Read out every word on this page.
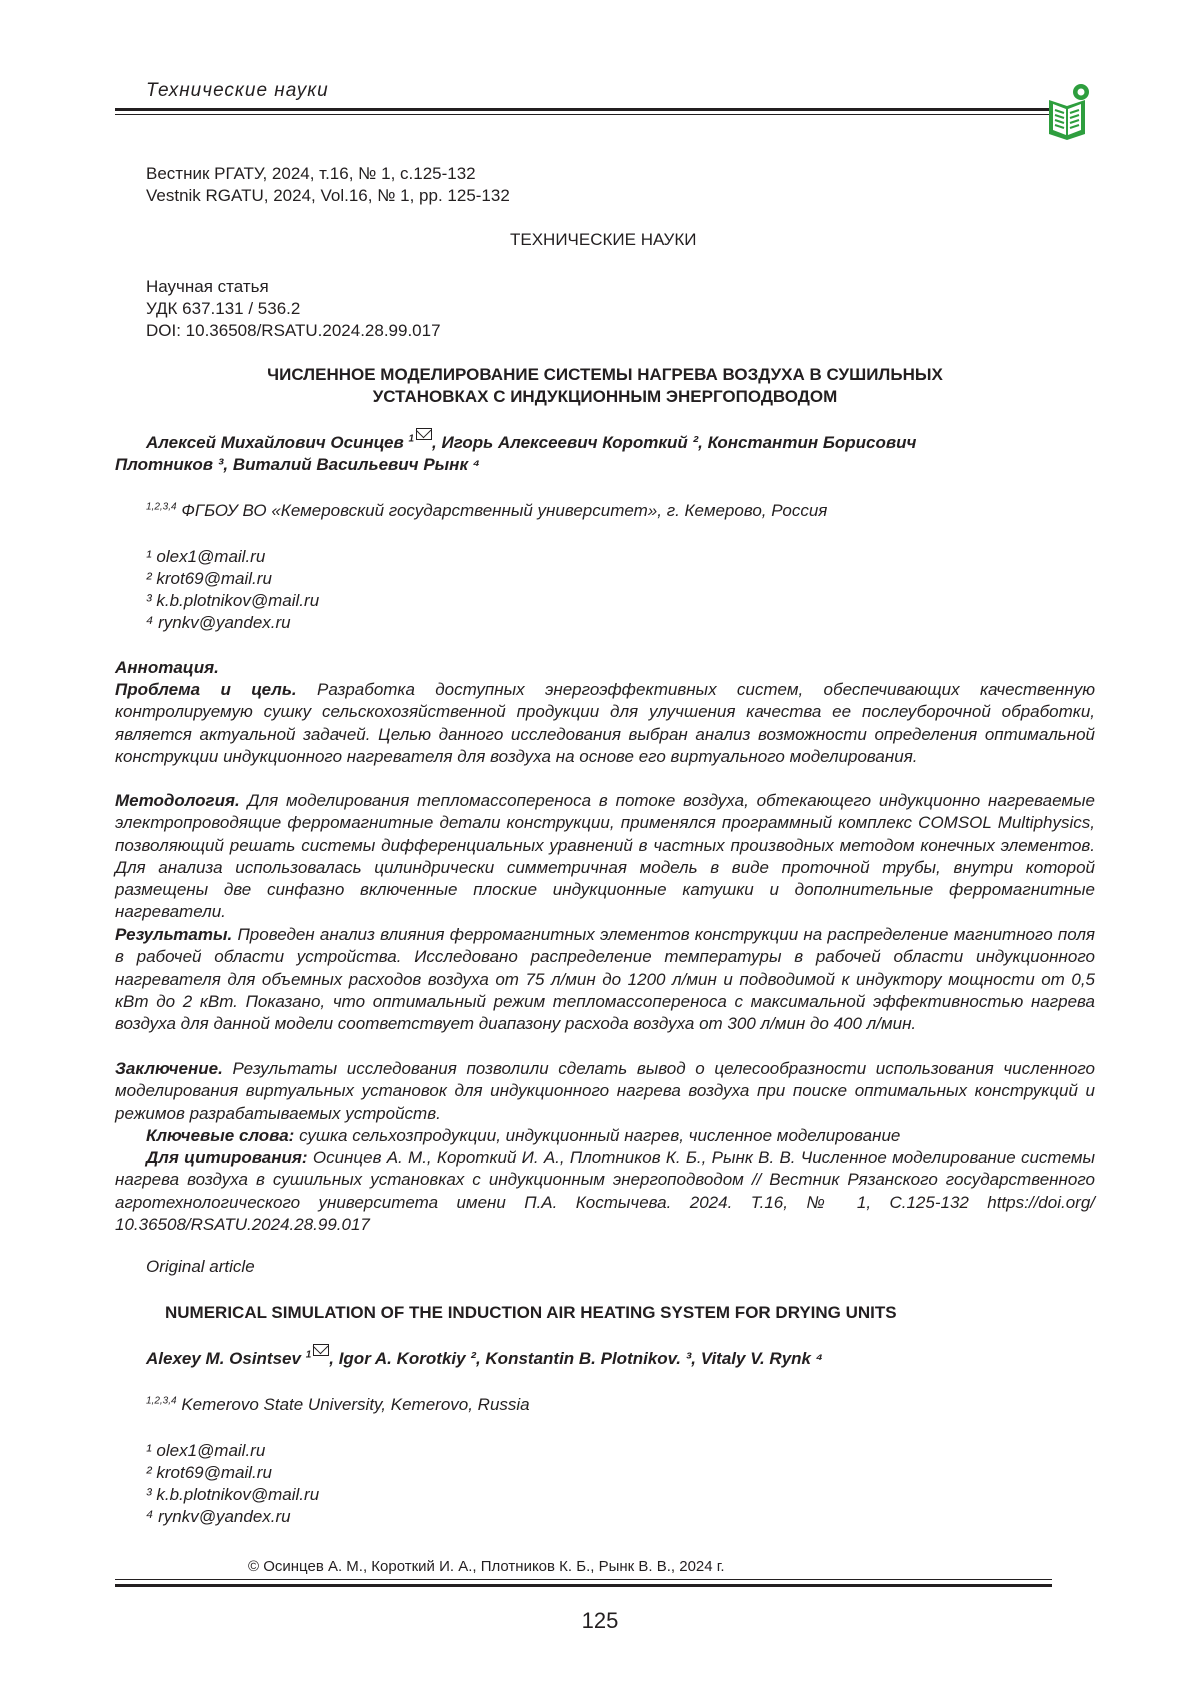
Технические науки
Вестник РГАТУ, 2024, т.16, № 1, с.125-132
Vestnik RGATU, 2024, Vol.16, № 1, pp. 125-132
ТЕХНИЧЕСКИЕ НАУКИ
Научная статья
УДК 637.131 / 536.2
DOI: 10.36508/RSATU.2024.28.99.017
ЧИСЛЕННОЕ МОДЕЛИРОВАНИЕ СИСТЕМЫ НАГРЕВА ВОЗДУХА В СУШИЛЬНЫХ
УСТАНОВКАХ С ИНДУКЦИОННЫМ ЭНЕРГОПОДВОДОМ
Алексей Михайлович Осинцев $^1$ , Игорь Алексеевич Короткий ², Константин Борисович
Плотников ³, Виталий Васильевич Рынк ⁴
$^{1,2,3,4}$ ФГБОУ ВО «Кемеровский государственный университет», г. Кемерово, Россия
¹ olex1@mail.ru
² krot69@mail.ru
³ k.b.plotnikov@mail.ru
⁴ rynkv@yandex.ru
Аннотация.
Проблема и цель. Разработка доступных энергоэффективных систем, обеспечивающих качественную контролируемую сушку сельскохозяйственной продукции для улучшения качества ее послеуборочной обработки, является актуальной задачей. Целью данного исследования выбран анализ возможности определения оптимальной конструкции индукционного нагревателя для воздуха на основе его виртуального моделирования.
Методология. Для моделирования тепломассопереноса в потоке воздуха, обтекающего индукционно нагреваемые электропроводящие ферромагнитные детали конструкции, применялся программный комплекс COMSOL Multiphysics, позволяющий решать системы дифференциальных уравнений в частных производных методом конечных элементов. Для анализа использовалась цилиндрически симметричная модель в виде проточной трубы, внутри которой размещены две синфазно включенные плоские индукционные катушки и дополнительные ферромагнитные нагреватели.
Результаты. Проведен анализ влияния ферромагнитных элементов конструкции на распределение магнитного поля в рабочей области устройства. Исследовано распределение температуры в рабочей области индукционного нагревателя для объемных расходов воздуха от 75 л/мин до 1200 л/мин и подводимой к индуктору мощности от 0,5 кВт до 2 кВт. Показано, что оптимальный режим тепломассопереноса с максимальной эффективностью нагрева воздуха для данной модели соответствует диапазону расхода воздуха от 300 л/мин до 400 л/мин.
Заключение. Результаты исследования позволили сделать вывод о целесообразности использования численного моделирования виртуальных установок для индукционного нагрева воздуха при поиске оптимальных конструкций и режимов разрабатываемых устройств.
Ключевые слова: сушка сельхозпродукции, индукционный нагрев, численное моделирование
Для цитирования: Осинцев А. М., Короткий И. А., Плотников К. Б., Рынк В. В. Численное моделирование системы нагрева воздуха в сушильных установках с индукционным энергоподводом // Вестник Рязанского государственного агротехнологического университета имени П.А. Костычева. 2024. Т.16, № 1, С.125-132 https://doi.org/ 10.36508/RSATU.2024.28.99.017
Original article
NUMERICAL SIMULATION OF THE INDUCTION AIR HEATING SYSTEM FOR DRYING UNITS
Alexey M. Osintsev $^1$ , Igor A. Korotkiy ², Konstantin B. Plotnikov. ³, Vitaly V. Rynk ⁴
$^{1,2,3,4}$ Kemerovo State University, Kemerovo, Russia
¹ olex1@mail.ru
² krot69@mail.ru
³ k.b.plotnikov@mail.ru
⁴ rynkv@yandex.ru
© Осинцев А. М., Короткий И. А., Плотников К. Б., Рынк В. В., 2024 г.
125
